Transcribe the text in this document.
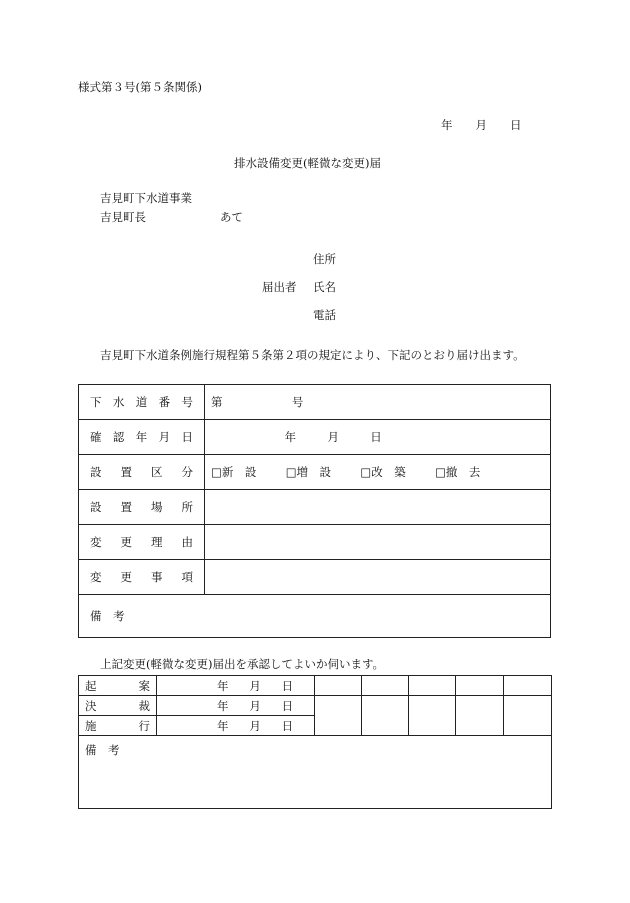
様式第３号(第５条関係)
年　　月　　日
排水設備変更(軽微な変更)届
吉見町下水道事業
吉見町長	あて
住所
届出者 氏名
電話
吉見町下水道条例施行規程第５条第２項の規定により、下記のとおり届け出ます。
下水道番号	第 号

確認年月日	年 月 日

設置区分	□新　設 □増　設 □改　築 □撤　去

設置場所	

変更理由	

変更事項	

備　考	
上記変更(軽微な変更)届出を承認してよいか伺います。
起案	年 月 日					

決裁	年 月 日					

施行	年 月 日					

備　考						
